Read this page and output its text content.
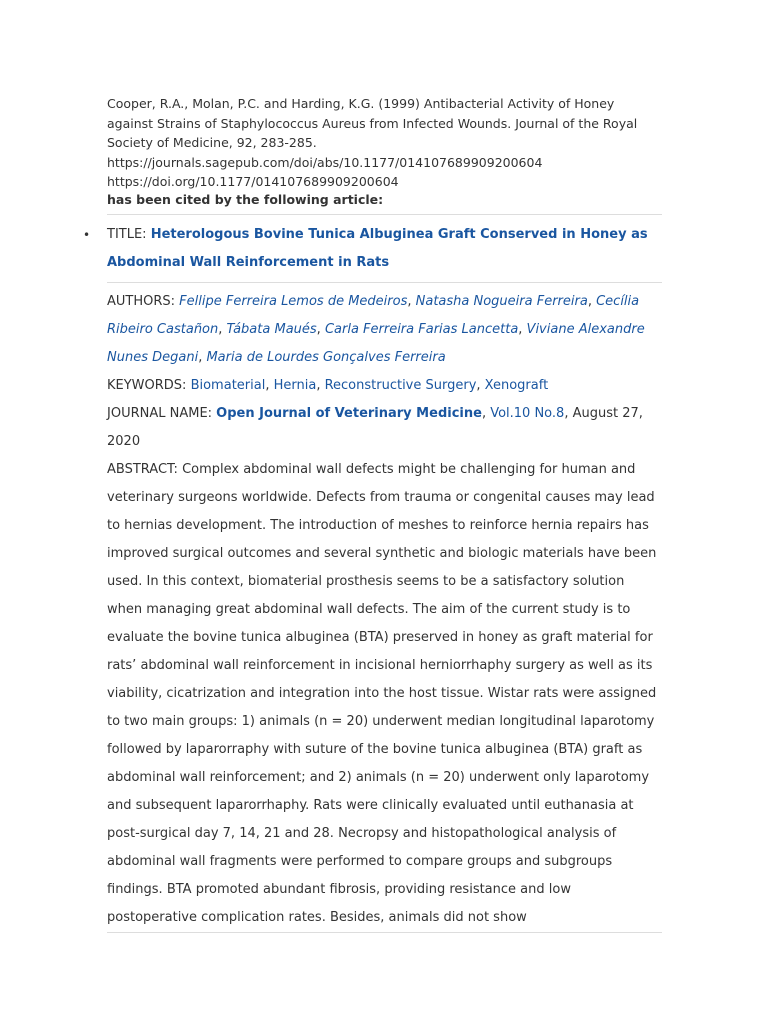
Cooper, R.A., Molan, P.C. and Harding, K.G. (1999) Antibacterial Activity of Honey against Strains of Staphylococcus Aureus from Infected Wounds. Journal of the Royal Society of Medicine, 92, 283-285.
https://journals.sagepub.com/doi/abs/10.1177/014107689909200604
https://doi.org/10.1177/014107689909200604

has been cited by the following article:

• TITLE: Heterologous Bovine Tunica Albuginea Graft Conserved in Honey as Abdominal Wall Reinforcement in Rats

AUTHORS: Fellipe Ferreira Lemos de Medeiros, Natasha Nogueira Ferreira, Cecília Ribeiro Castañon, Tábata Maués, Carla Ferreira Farias Lancetta, Viviane Alexandre Nunes Degani, Maria de Lourdes Gonçalves Ferreira

KEYWORDS: Biomaterial, Hernia, Reconstructive Surgery, Xenograft

JOURNAL NAME: Open Journal of Veterinary Medicine, Vol.10 No.8, August 27, 2020

ABSTRACT: Complex abdominal wall defects might be challenging for human and veterinary surgeons worldwide. Defects from trauma or congenital causes may lead to hernias development. The introduction of meshes to reinforce hernia repairs has improved surgical outcomes and several synthetic and biologic materials have been used. In this context, biomaterial prosthesis seems to be a satisfactory solution when managing great abdominal wall defects. The aim of the current study is to evaluate the bovine tunica albuginea (BTA) preserved in honey as graft material for rats’ abdominal wall reinforcement in incisional herniorrhaphy surgery as well as its viability, cicatrization and integration into the host tissue. Wistar rats were assigned to two main groups: 1) animals (n = 20) underwent median longitudinal laparotomy followed by laparorraphy with suture of the bovine tunica albuginea (BTA) graft as abdominal wall reinforcement; and 2) animals (n = 20) underwent only laparotomy and subsequent laparorrhaphy. Rats were clinically evaluated until euthanasia at post-surgical day 7, 14, 21 and 28. Necropsy and histopathological analysis of abdominal wall fragments were performed to compare groups and subgroups findings. BTA promoted abundant fibrosis, providing resistance and low postoperative complication rates. Besides, animals did not show
